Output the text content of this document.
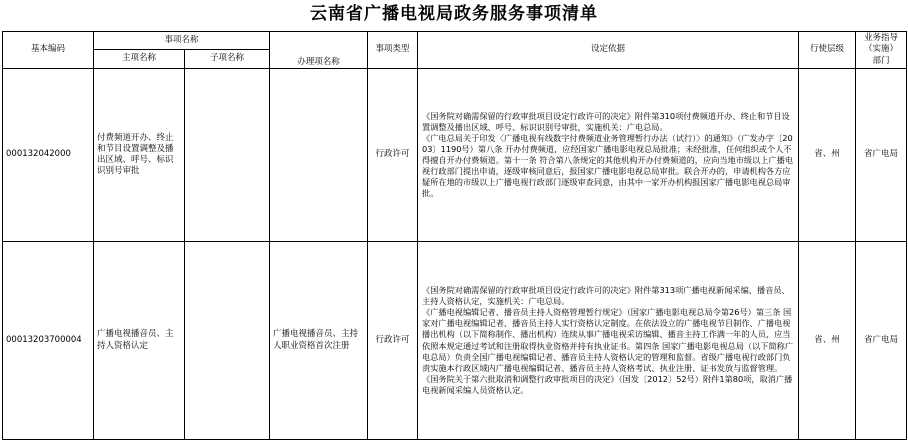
云南省广播电视局政务服务事项清单
基本编码	事项名称		办理项名称	事项类型	设定依据	行使层级	业务指导
（实施）
部门
	主项名称	子项名称					
000132042000	付费频道开办、终止和节目设置调整及播出区域、呼号、标识识别号审批			行政许可	《国务院对确需保留的行政审批项目设定行政许可的决定》附件第310项付费频道开办、终止和节目设置调整及播出区域、呼号、标识识别号审批，实施机关：广电总局。
《广电总局关于印发〈广播电视有线数字付费频道业务管理暂行办法（试行）〉的通知》（广发办字〔2003〕1190号）第八条 开办付费频道，应经国家广播电影电视总局批准；未经批准，任何组织或个人不得擅自开办付费频道。第十一条 符合第八条规定的其他机构开办付费频道的，应向当地市级以上广播电视行政部门提出申请，逐级审核同意后，报国家广播电影电视总局审批。联合开办的，申请机构各方应疑所在地的市级以上广播电视行政部门逐级审查同意，由其中一家开办机构报国家广播电影电视总局审批。	省、州	省广电局
00013203700004	广播电视播音员、主持人资格认定		广播电视播音员、主持人职业资格首次注册	行政许可	《国务院对确需保留的行政审批项目设定行政许可的决定》附件第313项广播电视新闻采编、播音员、主持人资格认定，实施机关：广电总局。
《广播电视编辑记者、播音员主持人资格管理暂行规定》（国家广播电影电视总局令第26号）第三条 国家对广播电视编辑记者、播音员主持人实行资格认定制度。在依法设立的广播电视节目制作、广播电视播出机构（以下简称制作、播出机构）连续从事广播电视采访编辑、播音主持工作满一年的人员，应当依照本规定通过考试和注册取得执业资格并持有执业证书。第四条 国家广播电影电视总局（以下简称广电总局）负责全国广播电视编辑记者、播音员主持人资格认定的管理和监督。省级广播电视行政部门负责实施本行政区域内广播电视编辑记者、播音员主持人资格考试、执业注册、证书发放与监督管理。
《国务院关于第六批取消和调整行政审批项目的决定》（国发〔2012〕52号）附件1第80项，取消广播电视新闻采编人员资格认定。	省、州	省广电局
